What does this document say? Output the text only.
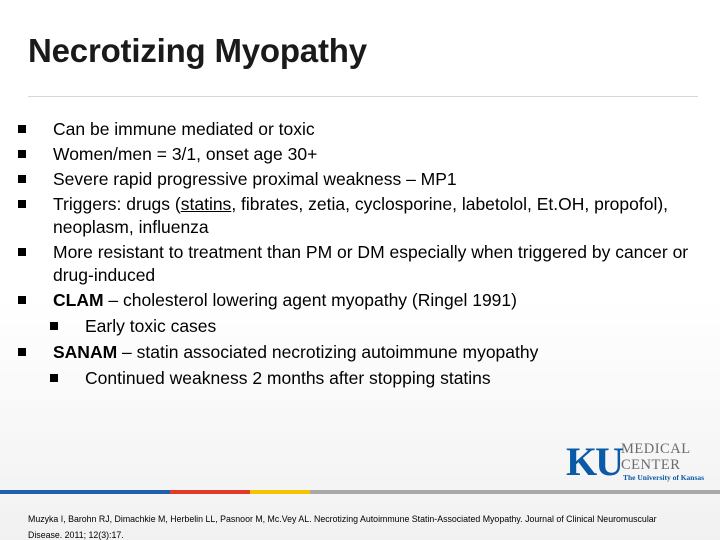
Necrotizing Myopathy
Can be immune mediated or toxic
Women/men = 3/1, onset age 30+
Severe rapid progressive proximal weakness – MP1
Triggers: drugs (statins, fibrates, zetia, cyclosporine, labetolol, Et.OH, propofol), neoplasm, influenza
More resistant to treatment than PM or DM especially when triggered by cancer or drug-induced
CLAM – cholesterol lowering agent myopathy (Ringel 1991)
Early toxic cases
SANAM – statin associated necrotizing autoimmune myopathy
Continued weakness 2 months after stopping statins
KU MEDICAL
CENTER
The University of Kansas
Muzyka I, Barohn RJ, Dimachkie M, Herbelin LL, Pasnoor M, Mc.Vey AL. Necrotizing Autoimmune Statin-Associated Myopathy. Journal of Clinical Neuromuscular Disease. 2011; 12(3):17.
